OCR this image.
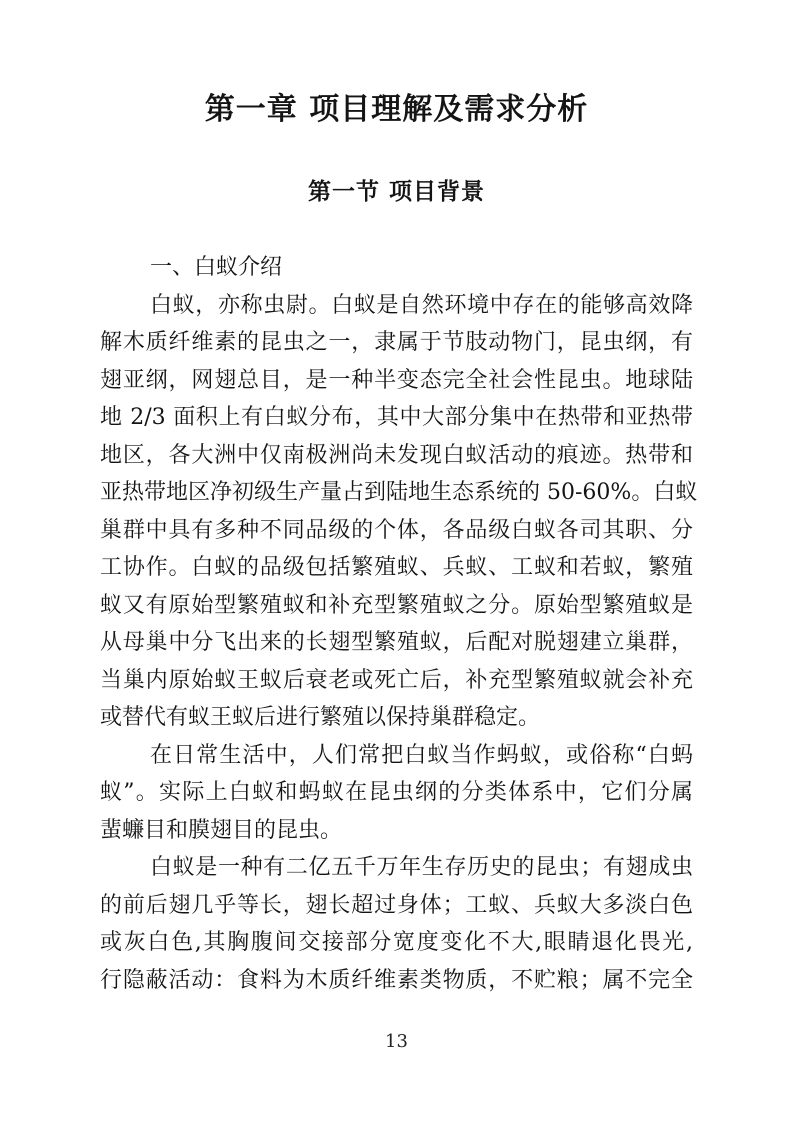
第一章 项目理解及需求分析
第一节 项目背景
一、白蚁介绍
白蚁，亦称虫尉。白蚁是自然环境中存在的能够高效降
解木质纤维素的昆虫之一，隶属于节肢动物门，昆虫纲，有
翅亚纲，网翅总目，是一种半变态完全社会性昆虫。地球陆
地 2/3 面积上有白蚁分布，其中大部分集中在热带和亚热带
地区，各大洲中仅南极洲尚未发现白蚁活动的痕迹。热带和
亚热带地区净初级生产量占到陆地生态系统的 50-60%。白蚁
巢群中具有多种不同品级的个体，各品级白蚁各司其职、分
工协作。白蚁的品级包括繁殖蚁、兵蚁、工蚁和若蚁，繁殖
蚁又有原始型繁殖蚁和补充型繁殖蚁之分。原始型繁殖蚁是
从母巢中分飞出来的长翅型繁殖蚁，后配对脱翅建立巢群，
当巢内原始蚁王蚁后衰老或死亡后，补充型繁殖蚁就会补充
或替代有蚁王蚁后进行繁殖以保持巢群稳定。
在日常生活中，人们常把白蚁当作蚂蚁，或俗称“白蚂
蚁”。实际上白蚁和蚂蚁在昆虫纲的分类体系中，它们分属
蜚蠊目和膜翅目的昆虫。
白蚁是一种有二亿五千万年生存历史的昆虫；有翅成虫
的前后翅几乎等长，翅长超过身体；工蚁、兵蚁大多淡白色
或灰白色,其胸腹间交接部分宽度变化不大,眼睛退化畏光,
行隐蔽活动：食料为木质纤维素类物质，不贮粮；属不完全
13
